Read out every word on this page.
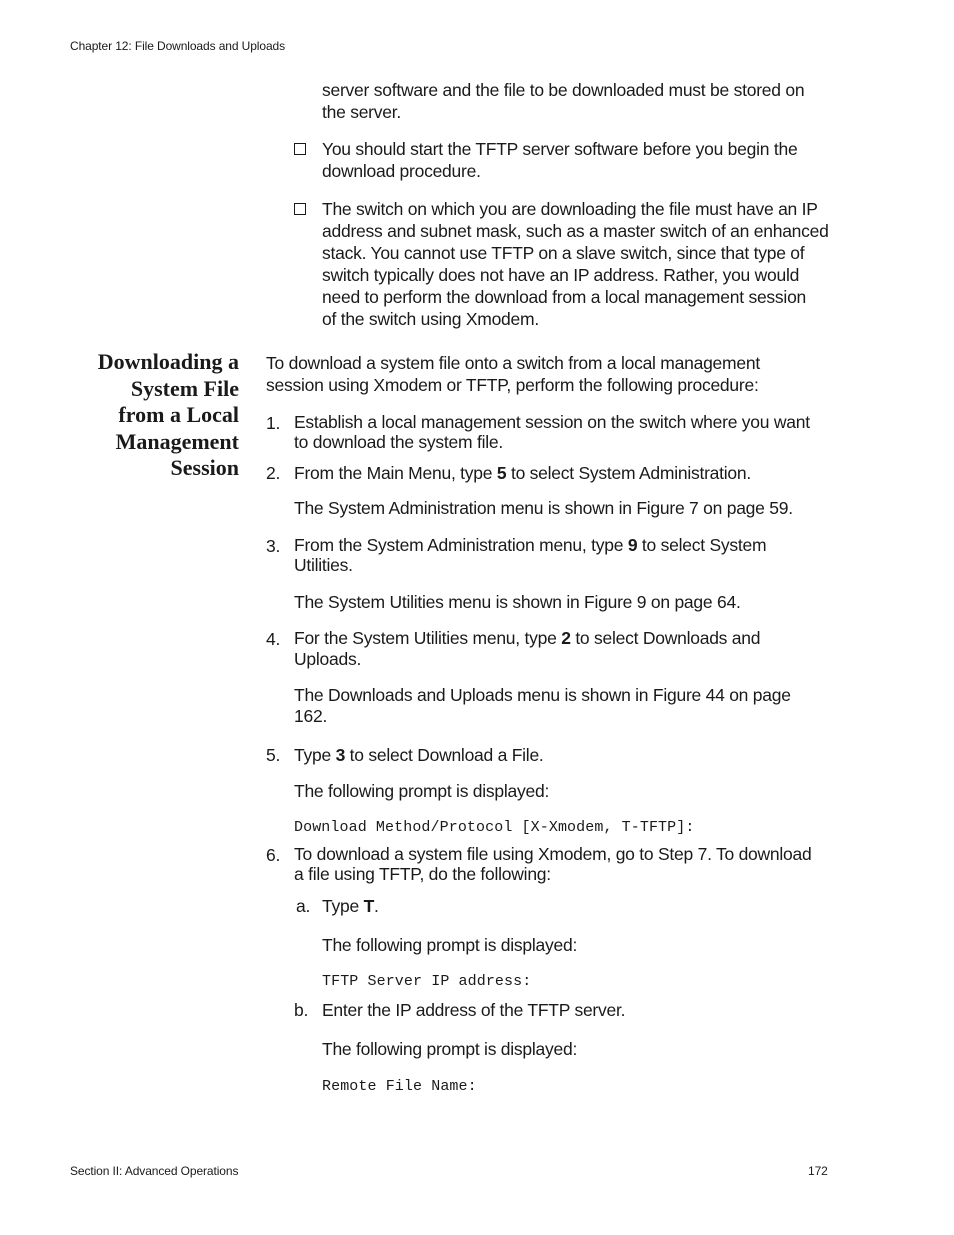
Chapter 12: File Downloads and Uploads
server software and the file to be downloaded must be stored on
the server.
You should start the TFTP server software before you begin the
download procedure.
The switch on which you are downloading the file must have an IP
address and subnet mask, such as a master switch of an enhanced
stack. You cannot use TFTP on a slave switch, since that type of
switch typically does not have an IP address. Rather, you would
need to perform the download from a local management session
of the switch using Xmodem.
Downloading a
System File
from a Local
Management
Session
To download a system file onto a switch from a local management
session using Xmodem or TFTP, perform the following procedure:
1. Establish a local management session on the switch where you want
to download the system file.
2. From the Main Menu, type 5 to select System Administration.
The System Administration menu is shown in Figure 7 on page 59.
3. From the System Administration menu, type 9 to select System
Utilities.
The System Utilities menu is shown in Figure 9 on page 64.
4. For the System Utilities menu, type 2 to select Downloads and
Uploads.
The Downloads and Uploads menu is shown in Figure 44 on page
162.
5. Type 3 to select Download a File.
The following prompt is displayed:
Download Method/Protocol [X-Xmodem, T-TFTP]:
6. To download a system file using Xmodem, go to Step 7. To download
a file using TFTP, do the following:
a. Type T.
The following prompt is displayed:
TFTP Server IP address:
b. Enter the IP address of the TFTP server.
The following prompt is displayed:
Remote File Name:
Section II: Advanced Operations	172
